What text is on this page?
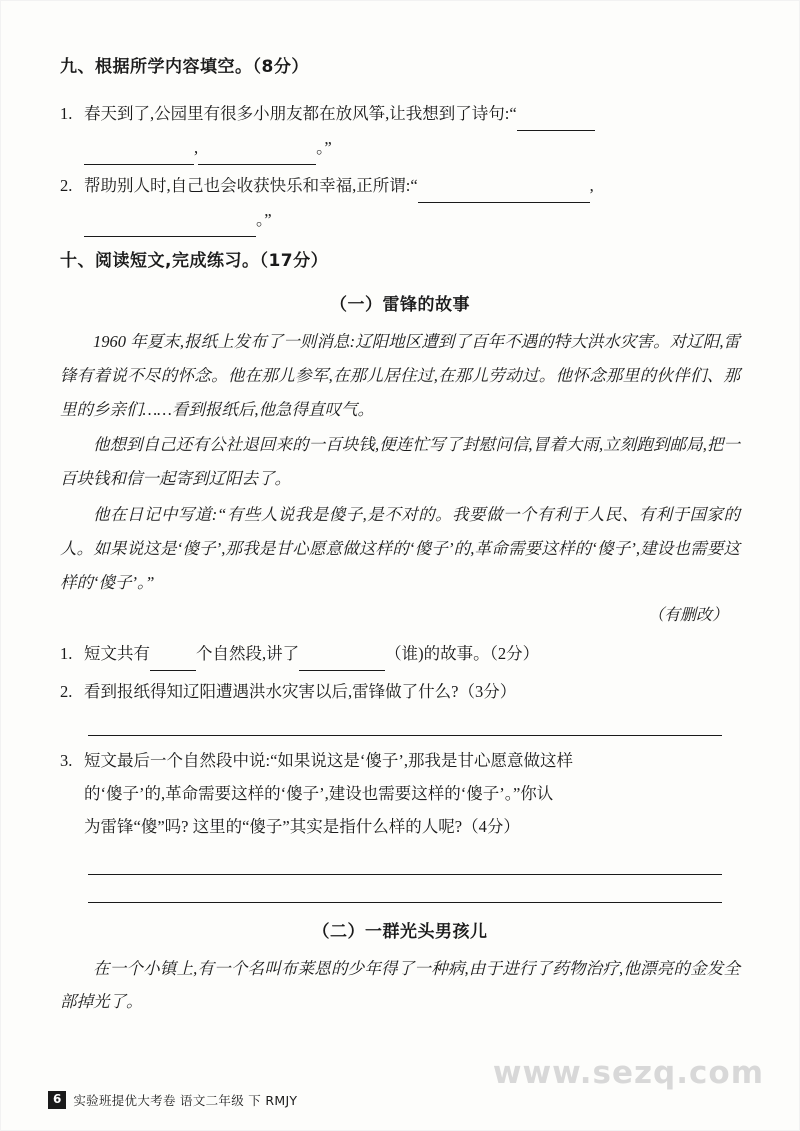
九、根据所学内容填空。（8分）
1. 春天到了,公园里有很多小朋友都在放风筝,让我想到了诗句:“
,	。”
2. 帮助别人时,自己也会收获快乐和幸福,正所谓:“	,
。”
十、阅读短文,完成练习。（17分）
（一）雷锋的故事

1960 年夏末,报纸上发布了一则消息:辽阳地区遭到了百年不遇的特大洪水灾害。对辽阳,雷锋有着说不尽的怀念。他在那儿参军,在那儿居住过,在那儿劳动过。他怀念那里的伙伴们、那里的乡亲们……看到报纸后,他急得直叹气。

他想到自己还有公社退回来的一百块钱,便连忙写了封慰问信,冒着大雨,立刻跑到邮局,把一百块钱和信一起寄到辽阳去了。

他在日记中写道:“有些人说我是傻子,是不对的。我要做一个有利于人民、有利于国家的人。如果说这是‘傻子’,那我是甘心愿意做这样的‘傻子’的,革命需要这样的‘傻子’,建设也需要这样的‘傻子’。”

（有删改）
1. 短文共有	个自然段,讲了	（谁)的故事。（2分）
2. 看到报纸得知辽阳遭遇洪水灾害以后,雷锋做了什么?（3分）
3. 短文最后一个自然段中说:“如果说这是‘傻子’,那我是甘心愿意做这样
的‘傻子’的,革命需要这样的‘傻子’,建设也需要这样的‘傻子’。”你认
为雷锋“傻”吗? 这里的“傻子”其实是指什么样的人呢?（4分）
（二）一群光头男孩儿

在一个小镇上,有一个名叫布莱恩的少年得了一种病,由于进行了药物治疗,他漂亮的金发全部掉光了。

www.sezq.com
6 实验班提优大考卷 语文二年级 下 RMJY
